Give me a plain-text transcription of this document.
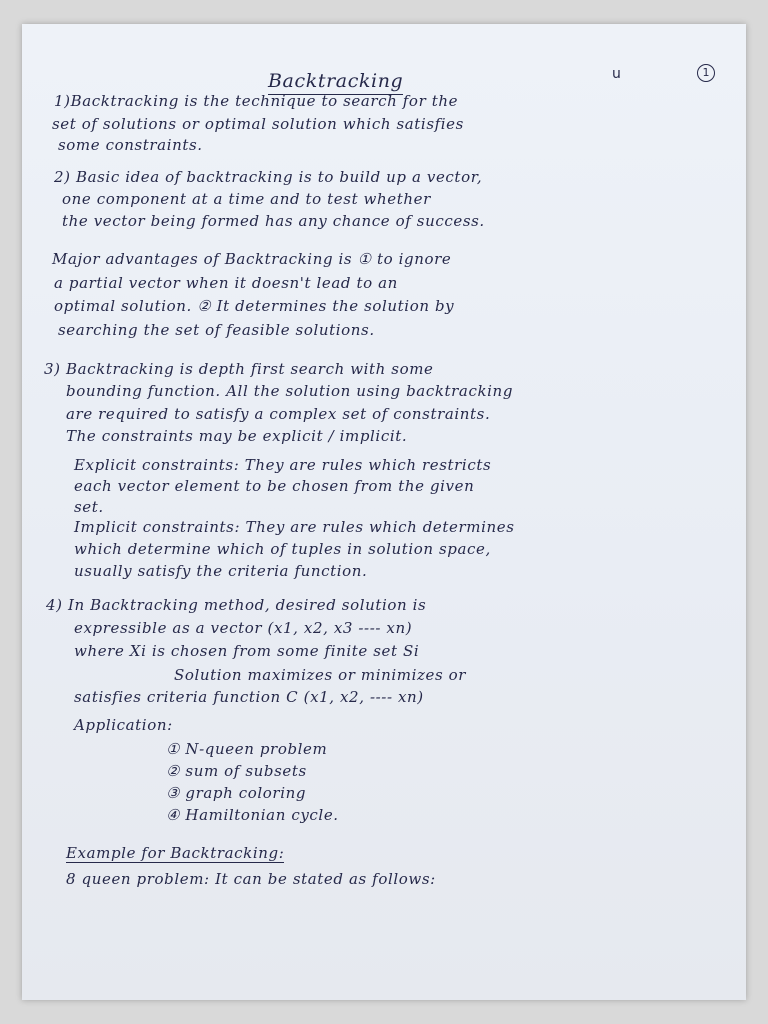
Backtracking	u	1
1)Backtracking is the technique to search for the
set of solutions or optimal solution which satisfies
some constraints.
2) Basic idea of backtracking is to build up a vector,
one component at a time and to test whether
the vector being formed has any chance of success.
Major advantages of Backtracking is ① to ignore
a partial vector when it doesn't lead to an
optimal solution. ② It determines the solution by
searching the set of feasible solutions.
3) Backtracking is depth first search with some
bounding function. All the solution using backtracking
are required to satisfy a complex set of constraints.
The constraints may be explicit / implicit.
Explicit constraints: They are rules which restricts
each vector element to be chosen from the given
set.
Implicit constraints: They are rules which determines
which determine which of tuples in solution space,
usually satisfy the criteria function.
4) In Backtracking method, desired solution is
expressible as a vector (x1, x2, x3 ---- xn)
where Xi is chosen from some finite set Si
Solution maximizes or minimizes or
satisfies criteria function C (x1, x2, ---- xn)
Application:
① N-queen problem
② sum of subsets
③ graph coloring
④ Hamiltonian cycle.
Example for Backtracking:
8 queen problem: It can be stated as follows:
